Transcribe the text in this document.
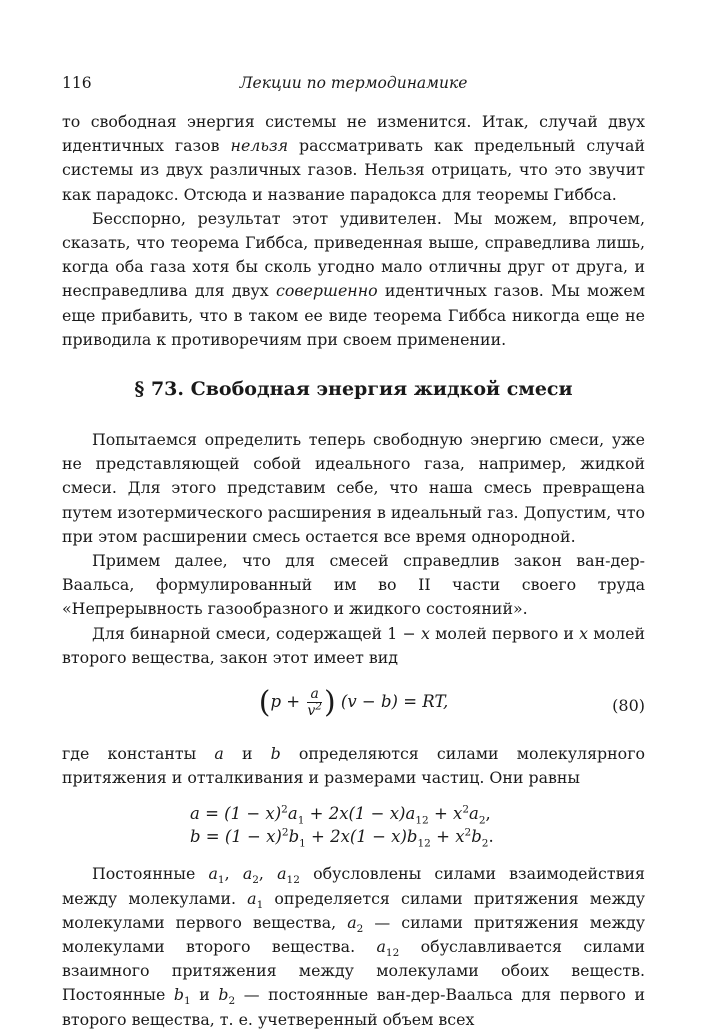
116	Лекции по термодинамике

то свободная энергия системы не изменится. Итак, случай двух идентичных газов нельзя рассматривать как предельный случай системы из двух различных газов. Нельзя отрицать, что это звучит как парадокс. Отсюда и название парадокса для теоремы Гиббса.

Бесспорно, результат этот удивителен. Мы можем, впрочем, сказать, что теорема Гиббса, приведенная выше, справедлива лишь, когда оба газа хотя бы сколь угодно мало отличны друг от друга, и несправедлива для двух совершенно идентичных газов. Мы можем еще прибавить, что в таком ее виде теорема Гиббса никогда еще не приводила к противоречиям при своем применении.

§ 73. Свободная энергия жидкой смеси

Попытаемся определить теперь свободную энергию смеси, уже не представляющей собой идеального газа, например, жидкой смеси. Для этого представим себе, что наша смесь превращена путем изотермического расширения в идеальный газ. Допустим, что при этом расширении смесь остается все время однородной.

Примем далее, что для смесей справедлив закон ван-дер-Ваальса, формулированный им во II части своего труда «Непрерывность газообразного и жидкого состояний».

Для бинарной смеси, содержащей 1 − x молей первого и x молей второго вещества, закон этот имеет вид

($p + \frac{a}{v^2}$ ) (v − b) = RT,	(80)

где константы a и b определяются силами молекулярного притяжения и отталкивания и размерами частиц. Они равны

$a = (1 - x)^2a_1 + 2x(1 - x)a_{12} + x^2a_2$,
$b = (1 - x)^2b_1 + 2x(1 - x)b_{12} + x^2b_2$.

Постоянные $a_1$, $a_2$, $a_{12}$ обусловлены силами взаимодействия между молекулами. $a_1$ определяется силами притяжения между молекулами первого вещества, $a_2$ — силами притяжения между молекулами второго вещества. $a_{12}$ обуславливается силами взаимного притяжения между молекулами обоих веществ. Постоянные $b_1$ и $b_2$ — постоянные ван-дер-Ваальса для первого и второго вещества, т. е. учетверенный объем всех
